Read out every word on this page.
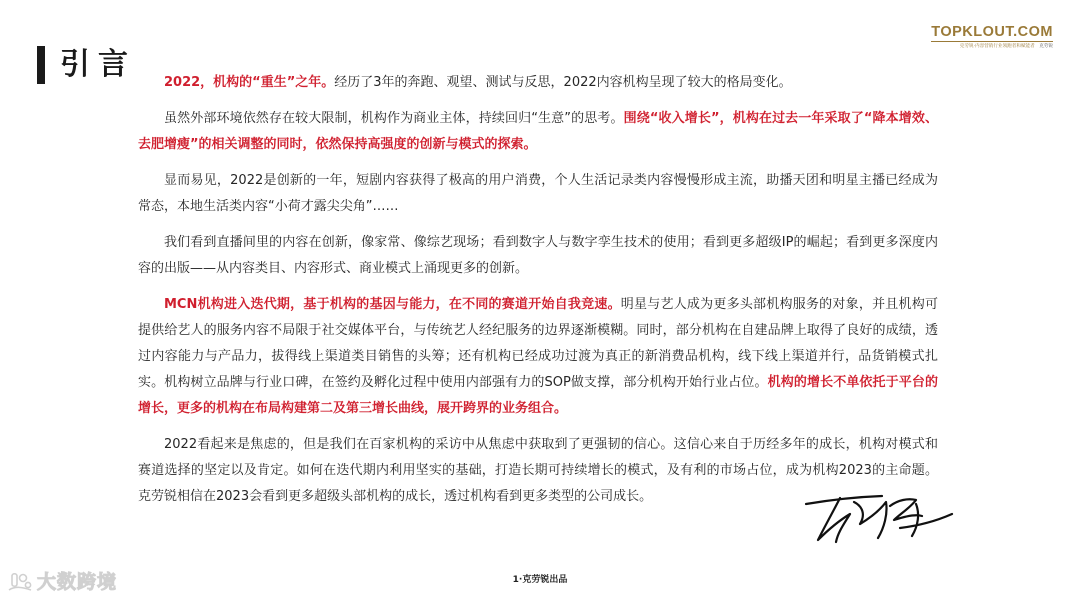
引言
TOPKLOUT.COM
克劳锐·内容营销行业领跑者和赋能者 克劳锐

2022，机构的“重生”之年。经历了3年的奔跑、观望、测试与反思，2022内容机构呈现了较大的格局变化。

虽然外部环境依然存在较大限制，机构作为商业主体，持续回归“生意”的思考。围绕“收入增长”，机构在过去一年采取了“降本增效、去肥增瘦”的相关调整的同时，依然保持高强度的创新与模式的探索。

显而易见，2022是创新的一年，短剧内容获得了极高的用户消费，个人生活记录类内容慢慢形成主流，助播天团和明星主播已经成为常态，本地生活类内容“小荷才露尖尖角”……

我们看到直播间里的内容在创新，像家常、像综艺现场；看到数字人与数字孪生技术的使用；看到更多超级IP的崛起；看到更多深度内容的出版——从内容类目、内容形式、商业模式上涌现更多的创新。

MCN机构进入迭代期，基于机构的基因与能力，在不同的赛道开始自我竞速。明星与艺人成为更多头部机构服务的对象，并且机构可提供给艺人的服务内容不局限于社交媒体平台，与传统艺人经纪服务的边界逐渐模糊。同时，部分机构在自建品牌上取得了良好的成绩，透过内容能力与产品力，拔得线上渠道类目销售的头筹；还有机构已经成功过渡为真正的新消费品机构，线下线上渠道并行，品货销模式扎实。机构树立品牌与行业口碑，在签约及孵化过程中使用内部强有力的SOP做支撑，部分机构开始行业占位。机构的增长不单依托于平台的增长，更多的机构在布局构建第二及第三增长曲线，展开跨界的业务组合。

2022看起来是焦虑的，但是我们在百家机构的采访中从焦虑中获取到了更强韧的信心。这信心来自于历经多年的成长，机构对模式和赛道选择的坚定以及肯定。如何在迭代期内利用坚实的基础，打造长期可持续增长的模式，及有利的市场占位，成为机构2023的主命题。克劳锐相信在2023会看到更多超级头部机构的成长，透过机构看到更多类型的公司成长。

1·克劳锐出品
大数跨境
